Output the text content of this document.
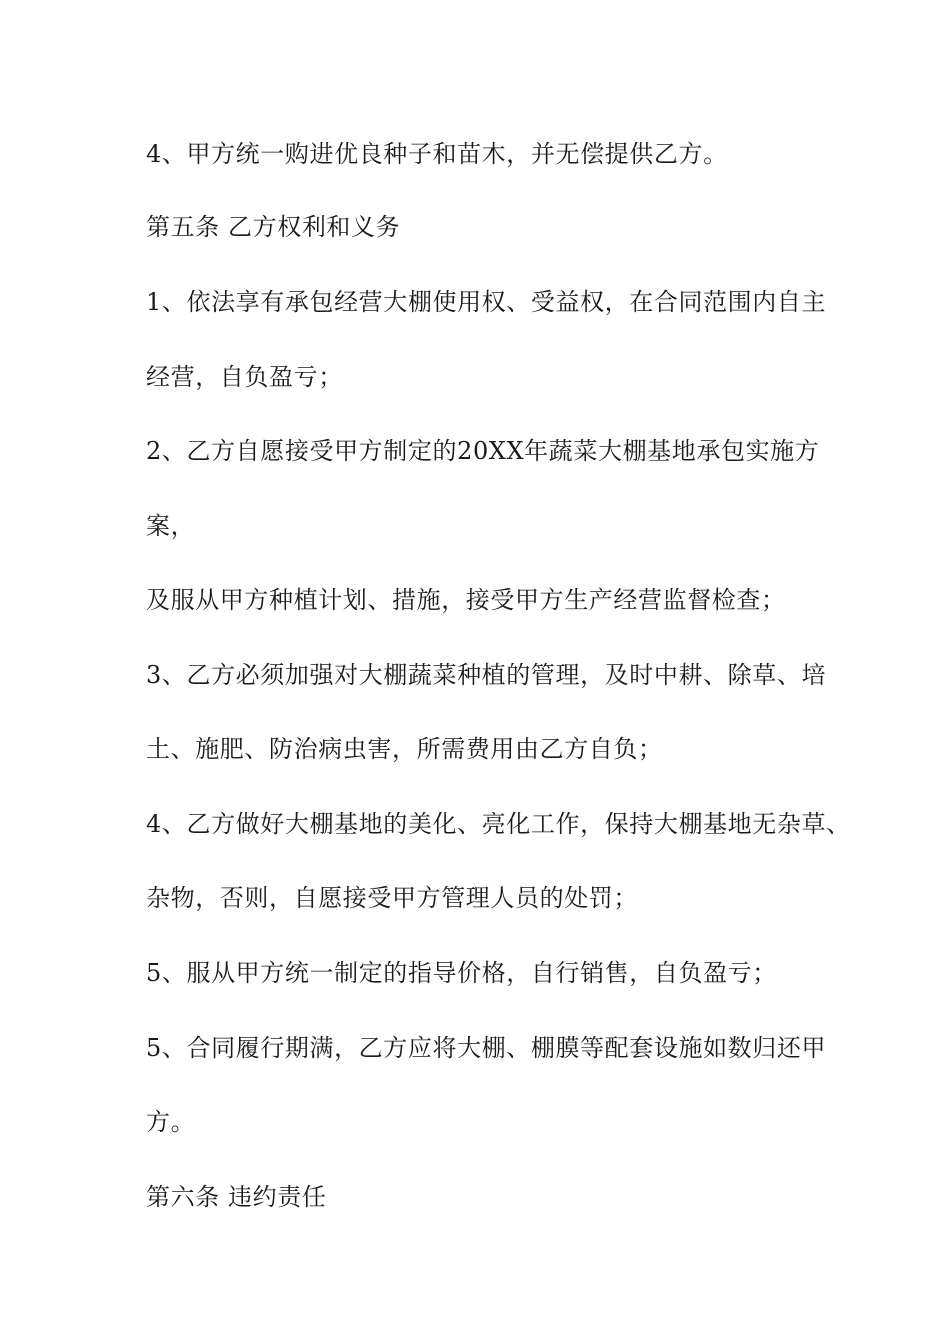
4、甲方统一购进优良种子和苗木，并无偿提供乙方。

第五条 乙方权利和义务

1、依法享有承包经营大棚使用权、受益权，在合同范围内自主

经营，自负盈亏；

2、乙方自愿接受甲方制定的20XX年蔬菜大棚基地承包实施方

案，

及服从甲方种植计划、措施，接受甲方生产经营监督检查；

3、乙方必须加强对大棚蔬菜种植的管理，及时中耕、除草、培

土、施肥、防治病虫害，所需费用由乙方自负；

4、乙方做好大棚基地的美化、亮化工作，保持大棚基地无杂草、

杂物，否则，自愿接受甲方管理人员的处罚；

5、服从甲方统一制定的指导价格，自行销售，自负盈亏；

5、合同履行期满，乙方应将大棚、棚膜等配套设施如数归还甲

方。

第六条 违约责任
